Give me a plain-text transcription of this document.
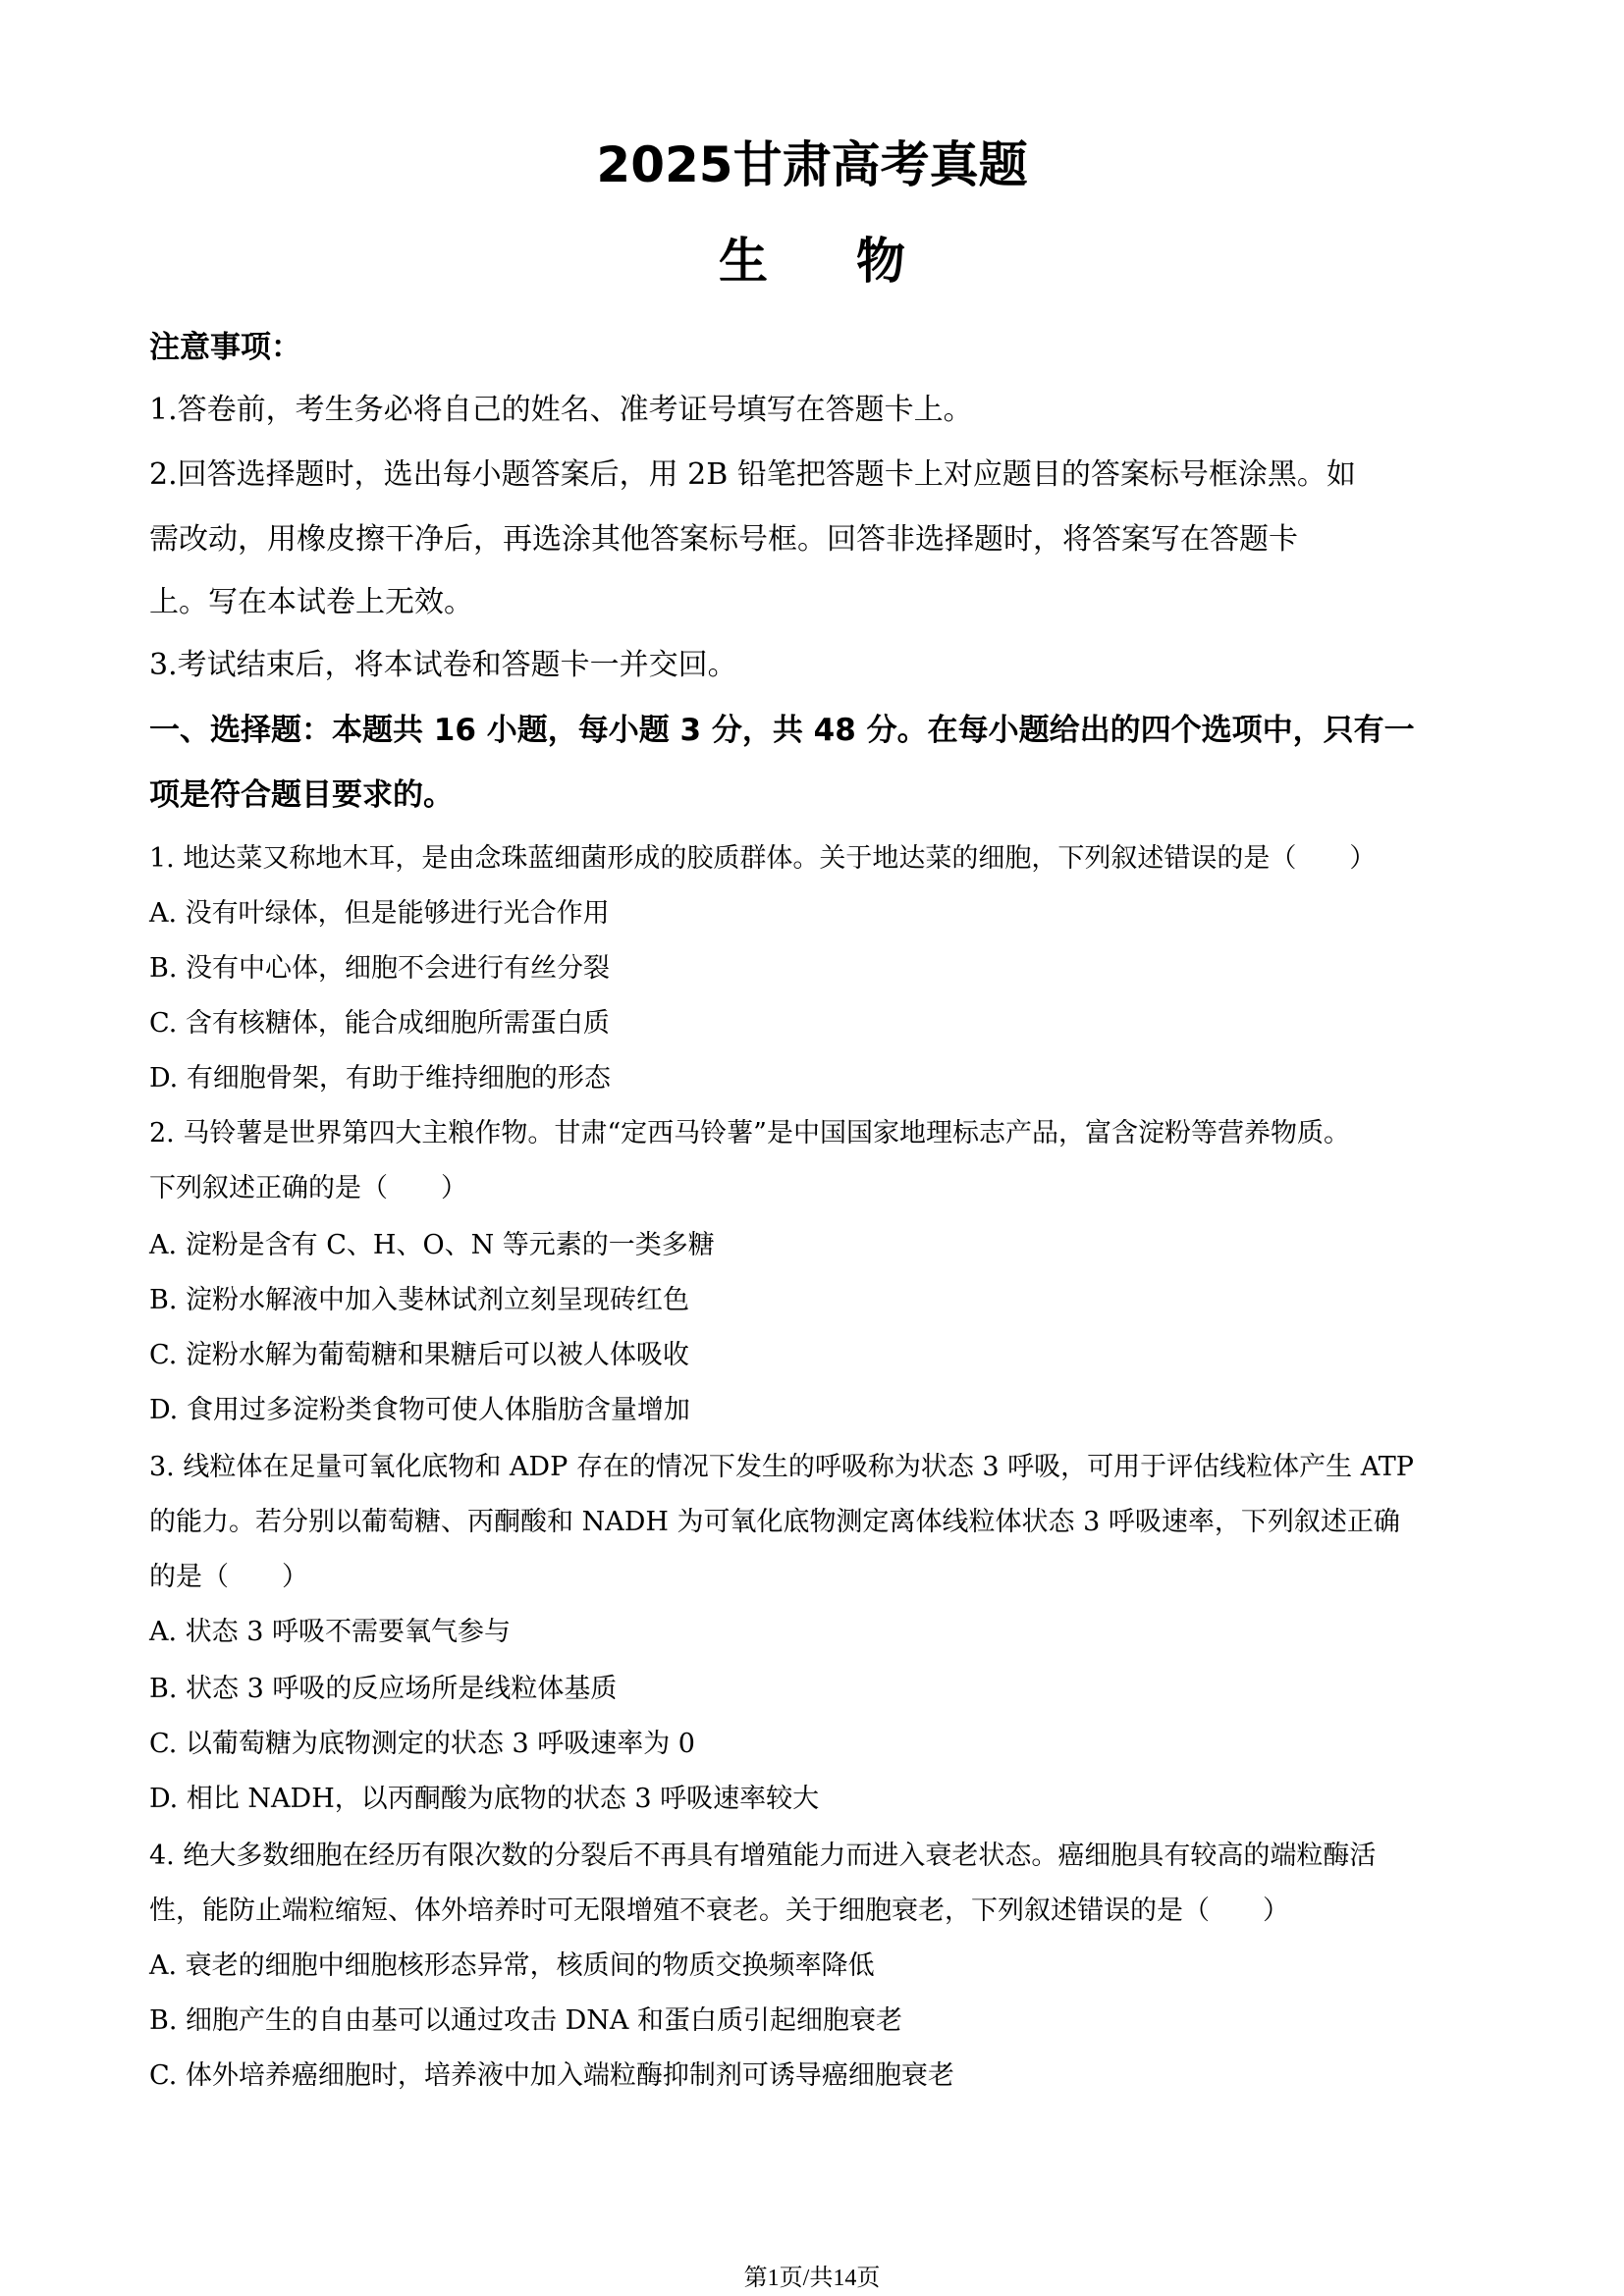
2025甘肃高考真题
生物
注意事项：
1.答卷前，考生务必将自己的姓名、准考证号填写在答题卡上。
2.回答选择题时，选出每小题答案后，用 2B 铅笔把答题卡上对应题目的答案标号框涂黑。如
需改动，用橡皮擦干净后，再选涂其他答案标号框。回答非选择题时，将答案写在答题卡
上。写在本试卷上无效。
3.考试结束后，将本试卷和答题卡一并交回。
一、选择题：本题共 16 小题，每小题 3 分，共 48 分。在每小题给出的四个选项中，只有一
项是符合题目要求的。
1. 地达菜又称地木耳，是由念珠蓝细菌形成的胶质群体。关于地达菜的细胞，下列叙述错误的是（　　）
A. 没有叶绿体，但是能够进行光合作用
B. 没有中心体，细胞不会进行有丝分裂
C. 含有核糖体，能合成细胞所需蛋白质
D. 有细胞骨架，有助于维持细胞的形态
2. 马铃薯是世界第四大主粮作物。甘肃“定西马铃薯”是中国国家地理标志产品，富含淀粉等营养物质。
下列叙述正确的是（　　）
A. 淀粉是含有 C、H、O、N 等元素的一类多糖
B. 淀粉水解液中加入斐林试剂立刻呈现砖红色
C. 淀粉水解为葡萄糖和果糖后可以被人体吸收
D. 食用过多淀粉类食物可使人体脂肪含量增加
3. 线粒体在足量可氧化底物和 ADP 存在的情况下发生的呼吸称为状态 3 呼吸，可用于评估线粒体产生 ATP
的能力。若分别以葡萄糖、丙酮酸和 NADH 为可氧化底物测定离体线粒体状态 3 呼吸速率，下列叙述正确
的是（　　）
A. 状态 3 呼吸不需要氧气参与
B. 状态 3 呼吸的反应场所是线粒体基质
C. 以葡萄糖为底物测定的状态 3 呼吸速率为 0
D. 相比 NADH，以丙酮酸为底物的状态 3 呼吸速率较大
4. 绝大多数细胞在经历有限次数的分裂后不再具有增殖能力而进入衰老状态。癌细胞具有较高的端粒酶活
性，能防止端粒缩短、体外培养时可无限增殖不衰老。关于细胞衰老，下列叙述错误的是（　　）
A. 衰老的细胞中细胞核形态异常，核质间的物质交换频率降低
B. 细胞产生的自由基可以通过攻击 DNA 和蛋白质引起细胞衰老
C. 体外培养癌细胞时，培养液中加入端粒酶抑制剂可诱导癌细胞衰老
第1页/共14页
